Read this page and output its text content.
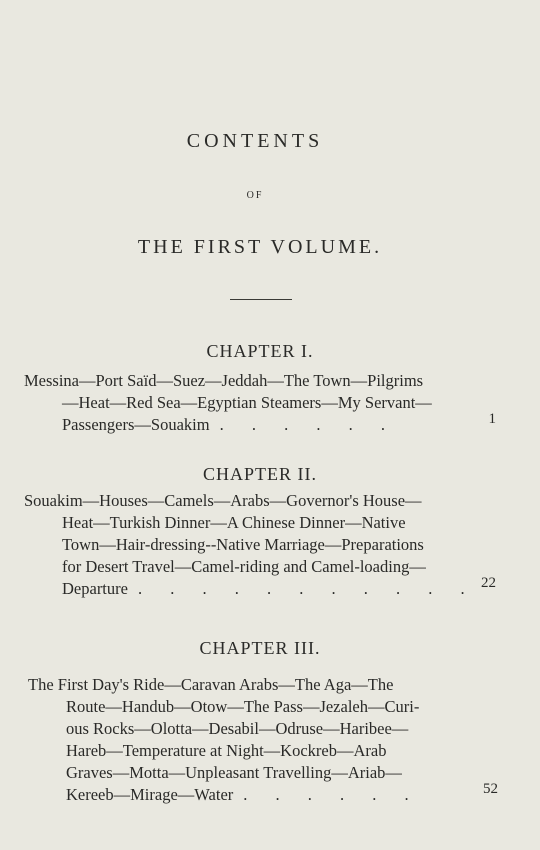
CONTENTS
OF
THE FIRST VOLUME.
CHAPTER I.
Messina—Port Saïd—Suez—Jeddah—The Town—Pilgrims
—Heat—Red Sea—Egyptian Steamers—My Servant—
Passengers—Souakim . . . . . .	1
CHAPTER II.
Souakim—Houses—Camels—Arabs—Governor's House—
Heat—Turkish Dinner—A Chinese Dinner—Native
Town—Hair-dressing--Native Marriage—Preparations
for Desert Travel—Camel-riding and Camel-loading—
Departure . . . . . . . . . . . 22
CHAPTER III.
The First Day's Ride—Caravan Arabs—The Aga—The
Route—Handub—Otow—The Pass—Jezaleh—Curi-
ous Rocks—Olotta—Desabil—Odruse—Haribee—
Hareb—Temperature at Night—Kockreb—Arab
Graves—Motta—Unpleasant Travelling—Ariab—
Kereeb—Mirage—Water . . . . . .	52
